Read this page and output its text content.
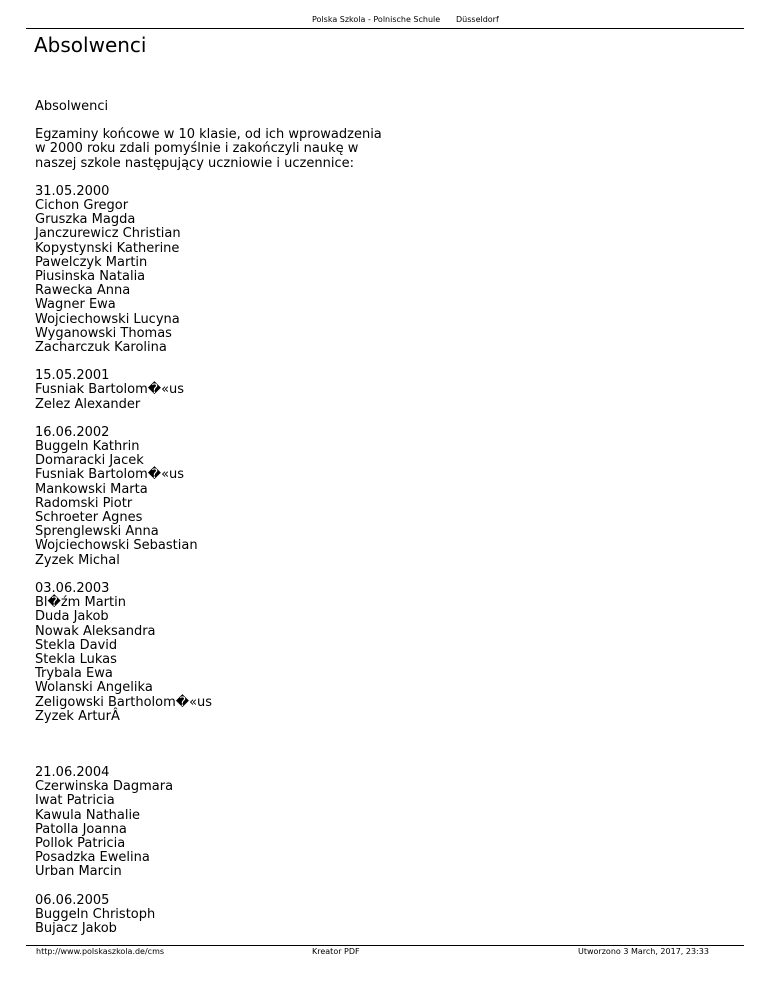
Polska Szkola - Polnische Schule Düsseldorf
Absolwenci

Absolwenci

Egzaminy końcowe w 10 klasie, od ich wprowadzenia

w 2000 roku zdali pomyślnie i zakończyli naukę w

naszej szkole następujący uczniowie i uczennice:

31.05.2000

Cichon Gregor

Gruszka Magda

Janczurewicz Christian

Kopystynski Katherine

Pawelczyk Martin

Piusinska Natalia

Rawecka Anna

Wagner Ewa

Wojciechowski Lucyna

Wyganowski Thomas

Zacharczuk Karolina

15.05.2001

Fusniak Bartolom�«us

Zelez Alexander

16.06.2002

Buggeln Kathrin

Domaracki Jacek

Fusniak Bartolom�«us

Mankowski Marta

Radomski Piotr

Schroeter Agnes

Sprenglewski Anna

Wojciechowski Sebastian

Zyzek Michal

03.06.2003

Bl�źm Martin

Duda Jakob

Nowak Aleksandra

Stekla David

Stekla Lukas

Trybala Ewa

Wolanski Angelika

Zeligowski Bartholom�«us

Zyzek ArturÂ

21.06.2004

Czerwinska Dagmara

Iwat Patricia

Kawula Nathalie

Patolla Joanna

Pollok Patricia

Posadzka Ewelina

Urban Marcin

06.06.2005

Buggeln Christoph

Bujacz Jakob

http://www.polskaszkola.de/cms	Kreator PDF	Utworzono 3 March, 2017, 23:33
